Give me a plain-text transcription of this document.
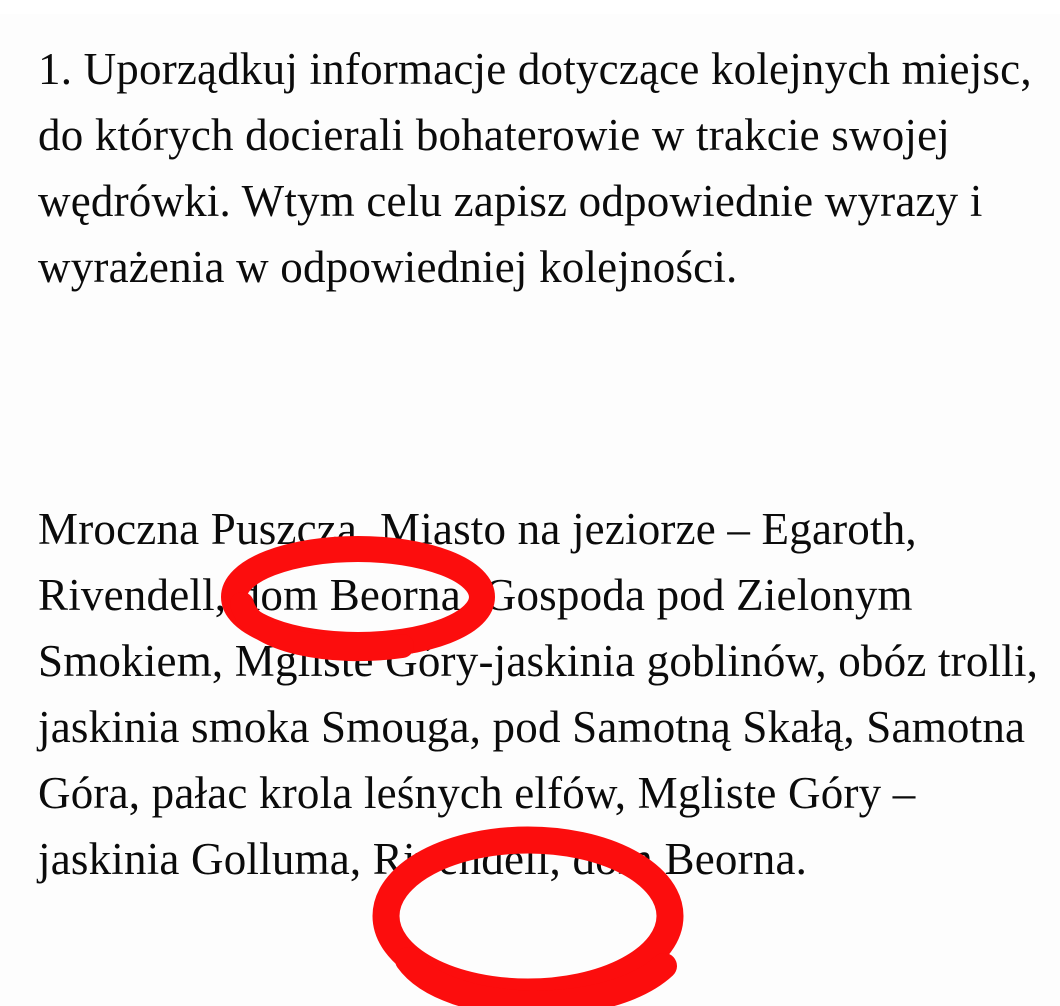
1. Uporządkuj informacje dotyczące kolejnych miejsc, do których docierali bohaterowie w trakcie swojej wędrówki. Wtym celu zapisz odpowiednie wyrazy i wyrażenia w odpowiedniej kolejności.
Mroczna Puszcza, Miasto na jeziorze – Egaroth, Rivendell, dom Beorna, Gospoda pod Zielonym Smokiem, Mgliste Góry-jaskinia goblinów, obóz trolli, jaskinia smoka Smouga, pod Samotną Skałą, Samotna Góra, pałac krola leśnych elfów, Mgliste Góry – jaskinia Golluma, Rivendell, dom Beorna.
